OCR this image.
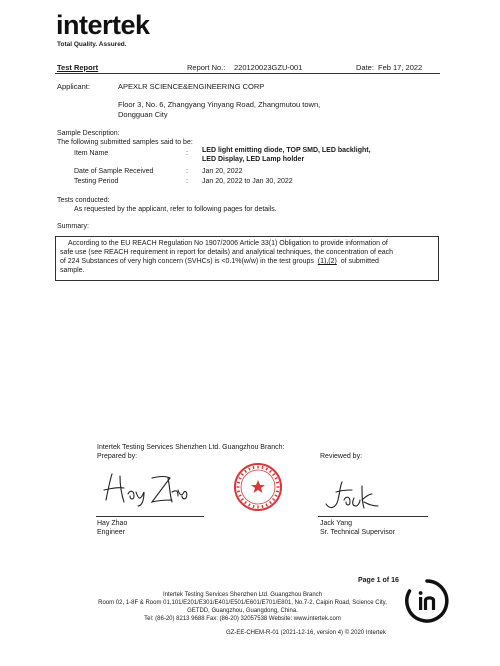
intertek
Total Quality. Assured.
Test Report	Report No.: 220120023GZU-001	Date: Feb 17, 2022
Applicant:	APEXLR SCIENCE&ENGINEERING CORP
Floor 3, No. 6, Zhangyang Yinyang Road, Zhangmutou town,
Dongguan City
Sample Description:
The following submitted samples said to be:
Item Name	: LED light emitting diode, TOP SMD, LED backlight,
LED Display, LED Lamp holder
Date of Sample Received	: Jan 20, 2022
Testing Period	: Jan 20, 2022 to Jan 30, 2022
Tests conducted:
As requested by the applicant, refer to following pages for details.
Summary:
According to the EU REACH Regulation No 1907/2006 Article 33(1) Obligation to provide information of
safe use (see REACH requirement in report for details) and analytical techniques, the concentration of each
of 224 Substances of very high concern (SVHCs) is <0.1%(w/w) in the test groups (1),(2) of submitted
sample.
Intertek Testing Services Shenzhen Ltd. Guangzhou Branch:
Prepared by:	Reviewed by:
Hay Zhao
Engineer
Jack Yang
Sr. Technical Supervisor
Page 1 of 16
Intertek Testing Services Shenzhen Ltd. Guangzhou Branch
Room 02, 1-8F & Room 01,101/E201/E301/E401/E501/E601/E701/E801, No.7-2, Caipin Road, Science City,
GETDD, Guangzhou, Guangdong, China.
Tel: (86-20) 8213 9688 Fax: (86-20) 32057538 Website: www.intertek.com
GZ-EE-CHEM-R-01 (2021-12-16, version 4) © 2020 Intertek
